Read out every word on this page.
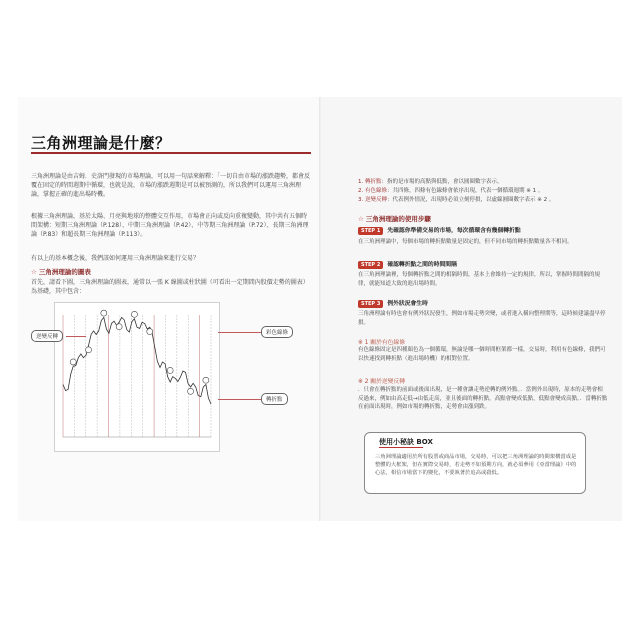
三角洲理論是什麼？
三角洲理論是由吉姆．史洛門發現的市場理論，可以用一句話來解釋：「一切自由市場的漲跌趨勢，都會反覆在固定的時間週期中循環，也就是說，市場的漲跌週期是可以被預測的，所以我們可以運用三角洲理論，掌握正確的進出場時機。
根據三角洲理論，基於太陽、月亮與地球的整體交互作用，市場會正向或反向重複變動，其中共有五個時間架構：短期三角洲理論（P.128）、中期三角洲理論（P.42）、中等期三角洲理論（P.72）、長期三角洲理論（P.83）和超長期三角洲理論（P.113）。
有以上的基本概念後，我們該如何運用三角洲理論來進行交易？
☆ 三角洲理論的圖表
首先，請看下圖，三角洲理論的圖表，通常以一張 K 線圖或柱狀圖（可看出一定期間內股價走勢的圖表）為基礎，其中包含：
逆變反轉
彩色線條
轉折點
1. 轉折點：指的是市場的高點與低點，會以圓圈數字表示。
2. 有色線條：共四條，四條有色線條會依序出現，代表一個循環週期 ※ 1 。
3. 逆變反轉：代表例外情況，出現時必須立刻停損，以虛線圓圈數字表示 ※ 2 。
☆ 三角洲理論的使用步驟
STEP 1 先確認你準備交易的市場，每次循環含有幾個轉折點
在三角洲理論中，每個市場的轉折點數量是固定的，但不同市場的轉折點數量各不相同。
STEP 2 確認轉折點之間的時間間隔
在三角洲理論裡，每個轉折點之間的相隔時間，基本上會維持一定的規律，所以，掌握時間間隔的規律，就能知道大致的進出場時間。
STEP 3 例外狀況會生時
三角洲理論有時也會有例外狀況發生，例如市場走勢突變，或者進入橫向整理期等，這時候建議盡早停損。
※ 1 關於有色線條
有色線條固定是四種顏色為一個循環，無論是哪一個時間框架都一樣，交易時，利用有色線條，我們可以快速找到轉折點（進出場時機）的相對位置。
※ 2 關於逆變反轉
．只會在轉折點的前面或後面出現，是一種會讓走勢逆轉的例外點。．當例外出現時，原本的走勢會相反過來，例如由高走低→由低走高，並且後面的轉折點，高點會變成低點，低點會變成高點。．當轉折點在前面出現時，例如市場的轉折點，走勢會由漲到跌。
使用小秘訣 BOX
三角洲理論適用於所有股票或商品市場，交易時，可以把三角洲理論的時間架構當成是整體的大框架，但在實際交易時，若走勢不如預期方向，就必須參用《亞當理論》中的心法，相信市場當下的變化，不要執著於追高或殺低。
